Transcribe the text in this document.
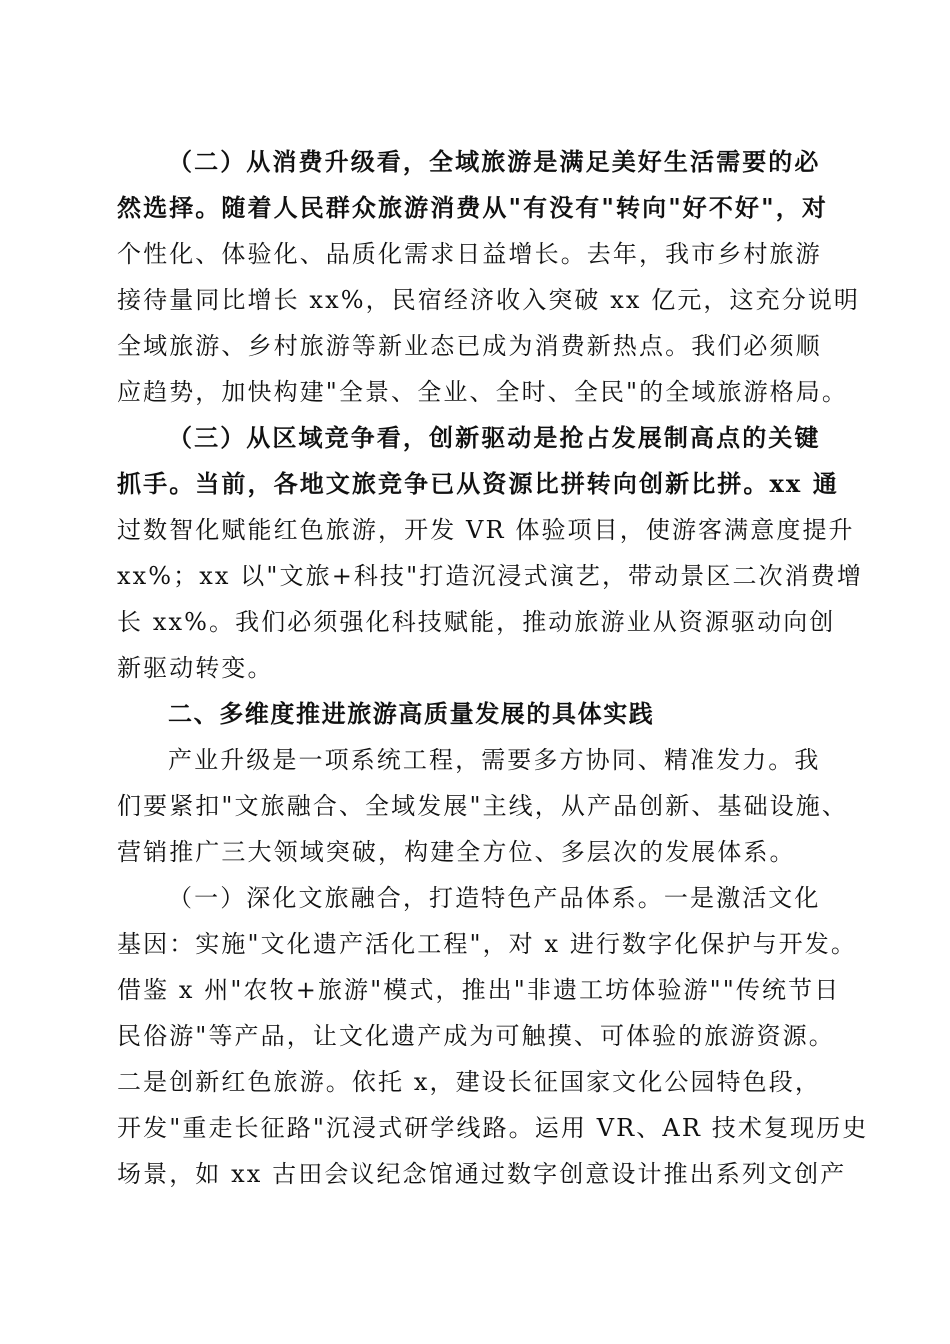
（二）从消费升级看，全域旅游是满足美好生活需要的必

然选择。随着人民群众旅游消费从"有没有"转向"好不好"，对

个性化、体验化、品质化需求日益增长。去年，我市乡村旅游

接待量同比增长 xx%，民宿经济收入突破 xx 亿元，这充分说明

全域旅游、乡村旅游等新业态已成为消费新热点。我们必须顺

应趋势，加快构建"全景、全业、全时、全民"的全域旅游格局。

（三）从区域竞争看，创新驱动是抢占发展制高点的关键

抓手。当前，各地文旅竞争已从资源比拼转向创新比拼。xx 通

过数智化赋能红色旅游，开发 VR 体验项目，使游客满意度提升

xx%；xx 以"文旅+科技"打造沉浸式演艺，带动景区二次消费增

长 xx%。我们必须强化科技赋能，推动旅游业从资源驱动向创

新驱动转变。

二、多维度推进旅游高质量发展的具体实践

产业升级是一项系统工程，需要多方协同、精准发力。我

们要紧扣"文旅融合、全域发展"主线，从产品创新、基础设施、

营销推广三大领域突破，构建全方位、多层次的发展体系。

（一）深化文旅融合，打造特色产品体系。一是激活文化

基因：实施"文化遗产活化工程"，对 x 进行数字化保护与开发。

借鉴 x 州"农牧+旅游"模式，推出"非遗工坊体验游""传统节日

民俗游"等产品，让文化遗产成为可触摸、可体验的旅游资源。

二是创新红色旅游。依托 x，建设长征国家文化公园特色段，

开发"重走长征路"沉浸式研学线路。运用 VR、AR 技术复现历史

场景，如 xx 古田会议纪念馆通过数字创意设计推出系列文创产
